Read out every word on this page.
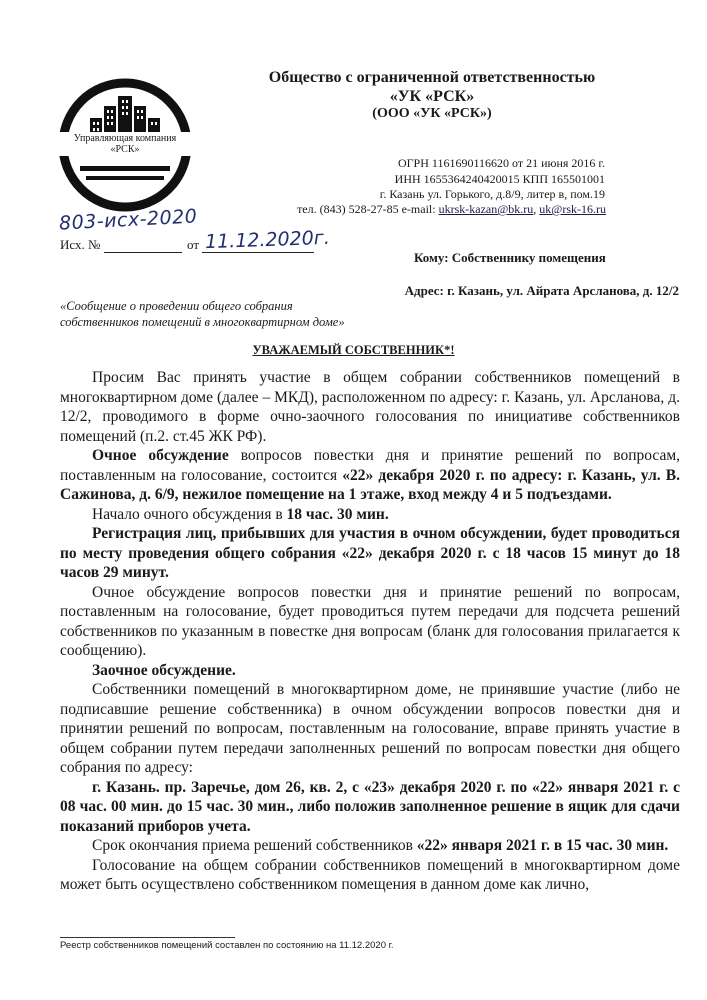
Управляющая компания
«РСК»
Общество с ограниченной ответственностью
«УК «РСК»
(ООО «УК «РСК»)
ОГРН 1161690116620 от 21 июня 2016 г.
ИНН 1655364240420015 КПП 165501001
г. Казань ул. Горького, д.8/9, литер в, пом.19
тел. (843) 528-27-85 e-mail: ukrsk-kazan@bk.ru, uk@rsk-16.ru
803-исх-2020
Исх. №	от 11.12.2020г.
Кому: Собственнику помещения
Адрес: г. Казань, ул. Айрата Арсланова, д. 12/2
«Сообщение о проведении общего собрания
собственников помещений в многоквартирном доме»
УВАЖАЕМЫЙ СОБСТВЕННИК*!

Просим Вас принять участие в общем собрании собственников помещений в многоквартирном доме (далее – МКД), расположенном по адресу: г. Казань, ул. Арсланова, д. 12/2, проводимого в форме очно-заочного голосования по инициативе собственников помещений (п.2. ст.45 ЖК РФ).

Очное обсуждение вопросов повестки дня и принятие решений по вопросам, поставленным на голосование, состоится «22» декабря 2020 г. по адресу: г. Казань, ул. В. Сажинова, д. 6/9, нежилое помещение на 1 этаже, вход между 4 и 5 подъездами.

Начало очного обсуждения в 18 час. 30 мин.

Регистрация лиц, прибывших для участия в очном обсуждении, будет проводиться по месту проведения общего собрания «22» декабря 2020 г. с 18 часов 15 минут до 18 часов 29 минут.

Очное обсуждение вопросов повестки дня и принятие решений по вопросам, поставленным на голосование, будет проводиться путем передачи для подсчета решений собственников по указанным в повестке дня вопросам (бланк для голосования прилагается к сообщению).

Заочное обсуждение.

Собственники помещений в многоквартирном доме, не принявшие участие (либо не подписавшие решение собственника) в очном обсуждении вопросов повестки дня и принятии решений по вопросам, поставленным на голосование, вправе принять участие в общем собрании путем передачи заполненных решений по вопросам повестки дня общего собрания по адресу:

г. Казань. пр. Заречье, дом 26, кв. 2, с «23» декабря 2020 г. по «22» января 2021 г. с 08 час. 00 мин. до 15 час. 30 мин., либо положив заполненное решение в ящик для сдачи показаний приборов учета.

Срок окончания приема решений собственников «22» января 2021 г. в 15 час. 30 мин.

Голосование на общем собрании собственников помещений в многоквартирном доме может быть осуществлено собственником помещения в данном доме как лично,

Реестр собственников помещений составлен по состоянию на 11.12.2020 г.
